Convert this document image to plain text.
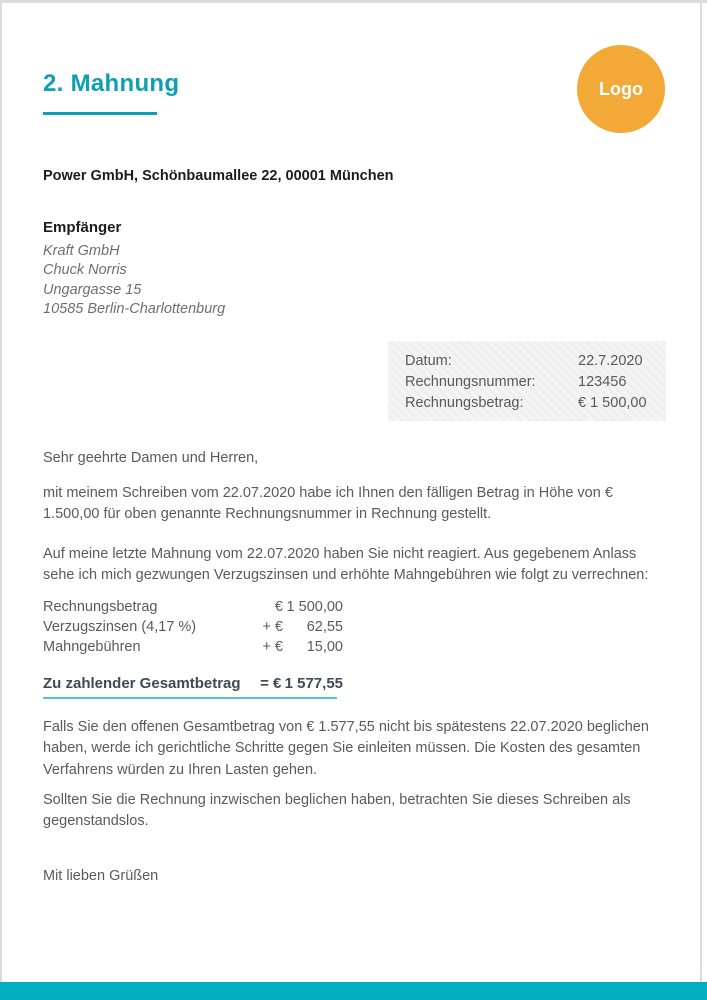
2. Mahnung	Logo
Power GmbH, Schönbaumallee 22, 00001 München
Empfänger
Kraft GmbH
Chuck Norris
Ungargasse 15
10585 Berlin-Charlottenburg
Datum:	22.7.2020
Rechnungsnummer:	123456
Rechnungsbetrag:	€ 1 500,00
Sehr geehrte Damen und Herren,
mit meinem Schreiben vom 22.07.2020 habe ich Ihnen den fälligen Betrag in Höhe von € 1.500,00 für oben genannte Rechnungsnummer in Rechnung gestellt.
Auf meine letzte Mahnung vom 22.07.2020 haben Sie nicht reagiert. Aus gegebenem Anlass sehe ich mich gezwungen Verzugszinsen und erhöhte Mahngebühren wie folgt zu verrechnen:
Rechnungsbetrag	€ 1 500,00
Verzugszinsen (4,17 %)	+ €	62,55
Mahngebühren	+ €	15,00
Zu zahlender Gesamtbetrag	= € 1 577,55
Falls Sie den offenen Gesamtbetrag von € 1.577,55 nicht bis spätestens 22.07.2020 beglichen haben, werde ich gerichtliche Schritte gegen Sie einleiten müssen. Die Kosten des gesamten Verfahrens würden zu Ihren Lasten gehen.
Sollten Sie die Rechnung inzwischen beglichen haben, betrachten Sie dieses Schreiben als gegenstandslos.
Mit lieben Grüßen
